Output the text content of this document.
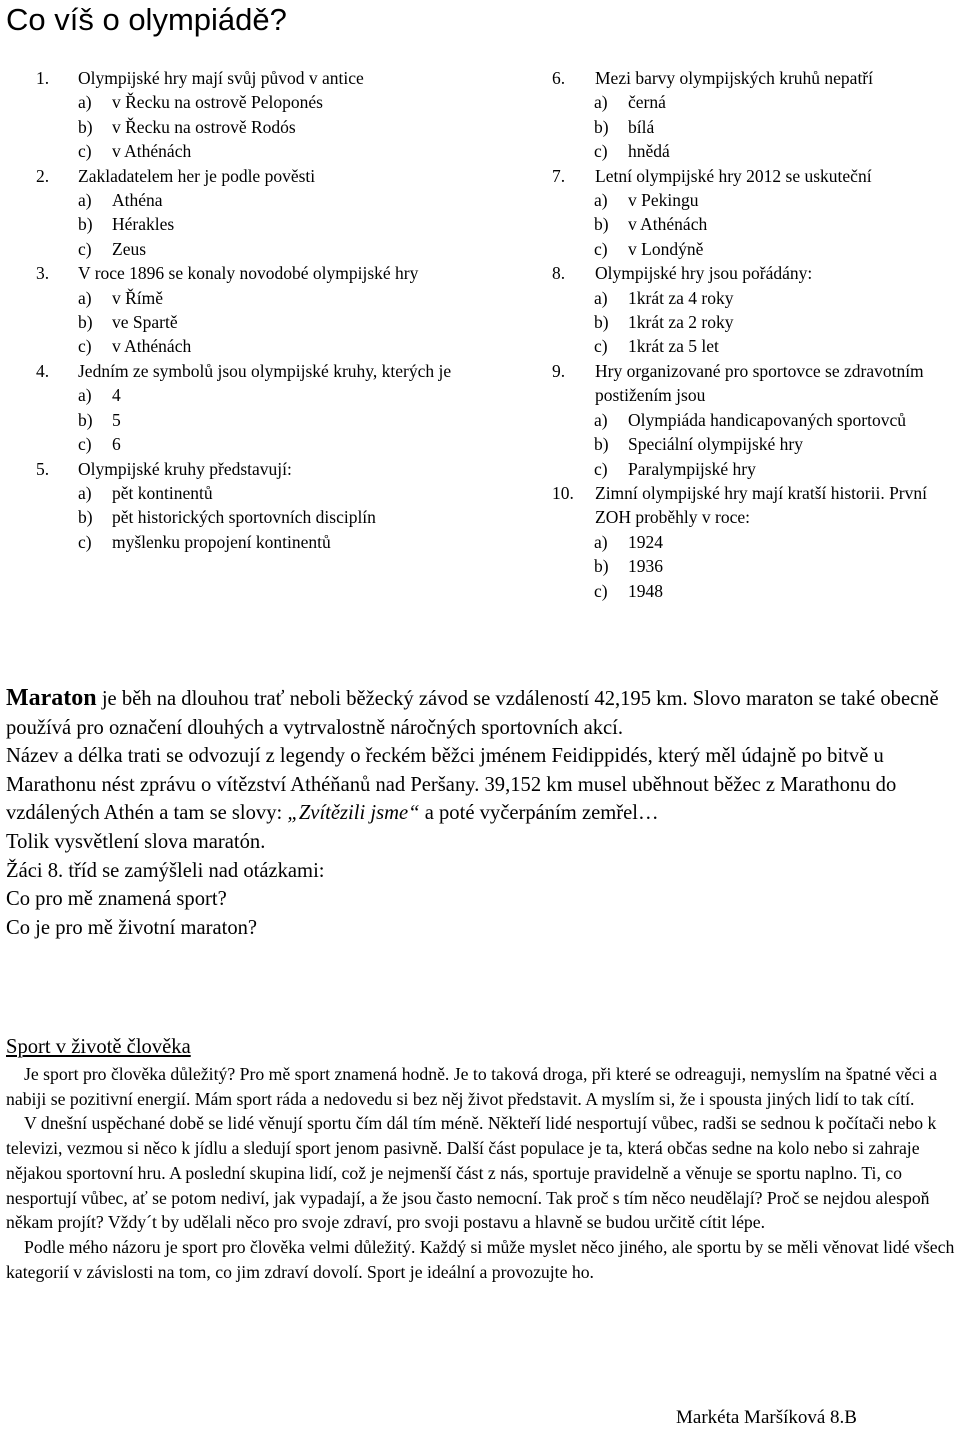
Co víš o olympiádě?
1.	Olympijské hry mají svůj původ v antice
a)	v Řecku na ostrově Peloponés
b)	v Řecku na ostrově Rodós
c)	v Athénách
2.	Zakladatelem her je podle pověsti
a)	Athéna
b)	Hérakles
c)	Zeus
3.	V roce 1896 se konaly novodobé olympijské hry
a)	v Římě
b)	ve Spartě
c)	v Athénách
4.	Jedním ze symbolů jsou olympijské kruhy, kterých je
a)	4
b)	5
c)	6
5.	Olympijské kruhy představují:
a)	pět kontinentů
b)	pět historických sportovních disciplín
c)	myšlenku propojení kontinentů
6.	Mezi barvy olympijských kruhů nepatří
a)	černá
b)	bílá
c)	hnědá
7.	Letní olympijské hry 2012 se uskuteční
a)	v Pekingu
b)	v Athénách
c)	v Londýně
8.	Olympijské hry jsou pořádány:
a)	1krát za 4 roky
b)	1krát za 2 roky
c)	1krát za 5 let
9.	Hry organizované pro sportovce se zdravotním postižením jsou
a)	Olympiáda handicapovaných sportovců
b)	Speciální olympijské hry
c)	Paralympijské hry
10.	Zimní olympijské hry mají kratší historii. První ZOH proběhly v roce:
a)	1924
b)	1936
c)	1948

Maraton je běh na dlouhou trať neboli běžecký závod se vzdáleností 42,195 km. Slovo maraton se také obecně používá pro označení dlouhých a vytrvalostně náročných sportovních akcí.

Název a délka trati se odvozují z legendy o řeckém běžci jménem Feidippidés, který měl údajně po bitvě u Marathonu nést zprávu o vítězství Athéňanů nad Peršany. 39,152 km musel uběhnout běžec z Marathonu do vzdálených Athén a tam se slovy: „Zvítězili jsme“ a poté vyčerpáním zemřel…

Tolik vysvětlení slova maratón.

Žáci 8. tříd se zamýšleli nad otázkami:

Co pro mě znamená sport?

Co je pro mě životní maraton?

Sport v životě člověka

Je sport pro člověka důležitý? Pro mě sport znamená hodně. Je to taková droga, při které se odreaguji, nemyslím na špatné věci a nabiji se pozitivní energií. Mám sport ráda a nedovedu si bez něj život představit. A myslím si, že i spousta jiných lidí to tak cítí.

V dnešní uspěchané době se lidé věnují sportu čím dál tím méně. Někteří lidé nesportují vůbec, radši se sednou k počítači nebo k televizi, vezmou si něco k jídlu a sledují sport jenom pasivně. Další část populace je ta, která občas sedne na kolo nebo si zahraje nějakou sportovní hru. A poslední skupina lidí, což je nejmenší část z nás, sportuje pravidelně a věnuje se sportu naplno. Ti, co nesportují vůbec, ať se potom nediví, jak vypadají, a že jsou často nemocní. Tak proč s tím něco neudělají? Proč se nejdou alespoň někam projít? Vždy´t by udělali něco pro svoje zdraví, pro svoji postavu a hlavně se budou určitě cítit lépe.

Podle mého názoru je sport pro člověka velmi důležitý. Každý si může myslet něco jiného, ale sportu by se měli věnovat lidé všech kategorií v závislosti na tom, co jim zdraví dovolí. Sport je ideální a provozujte ho.

Markéta Maršíková 8.B
